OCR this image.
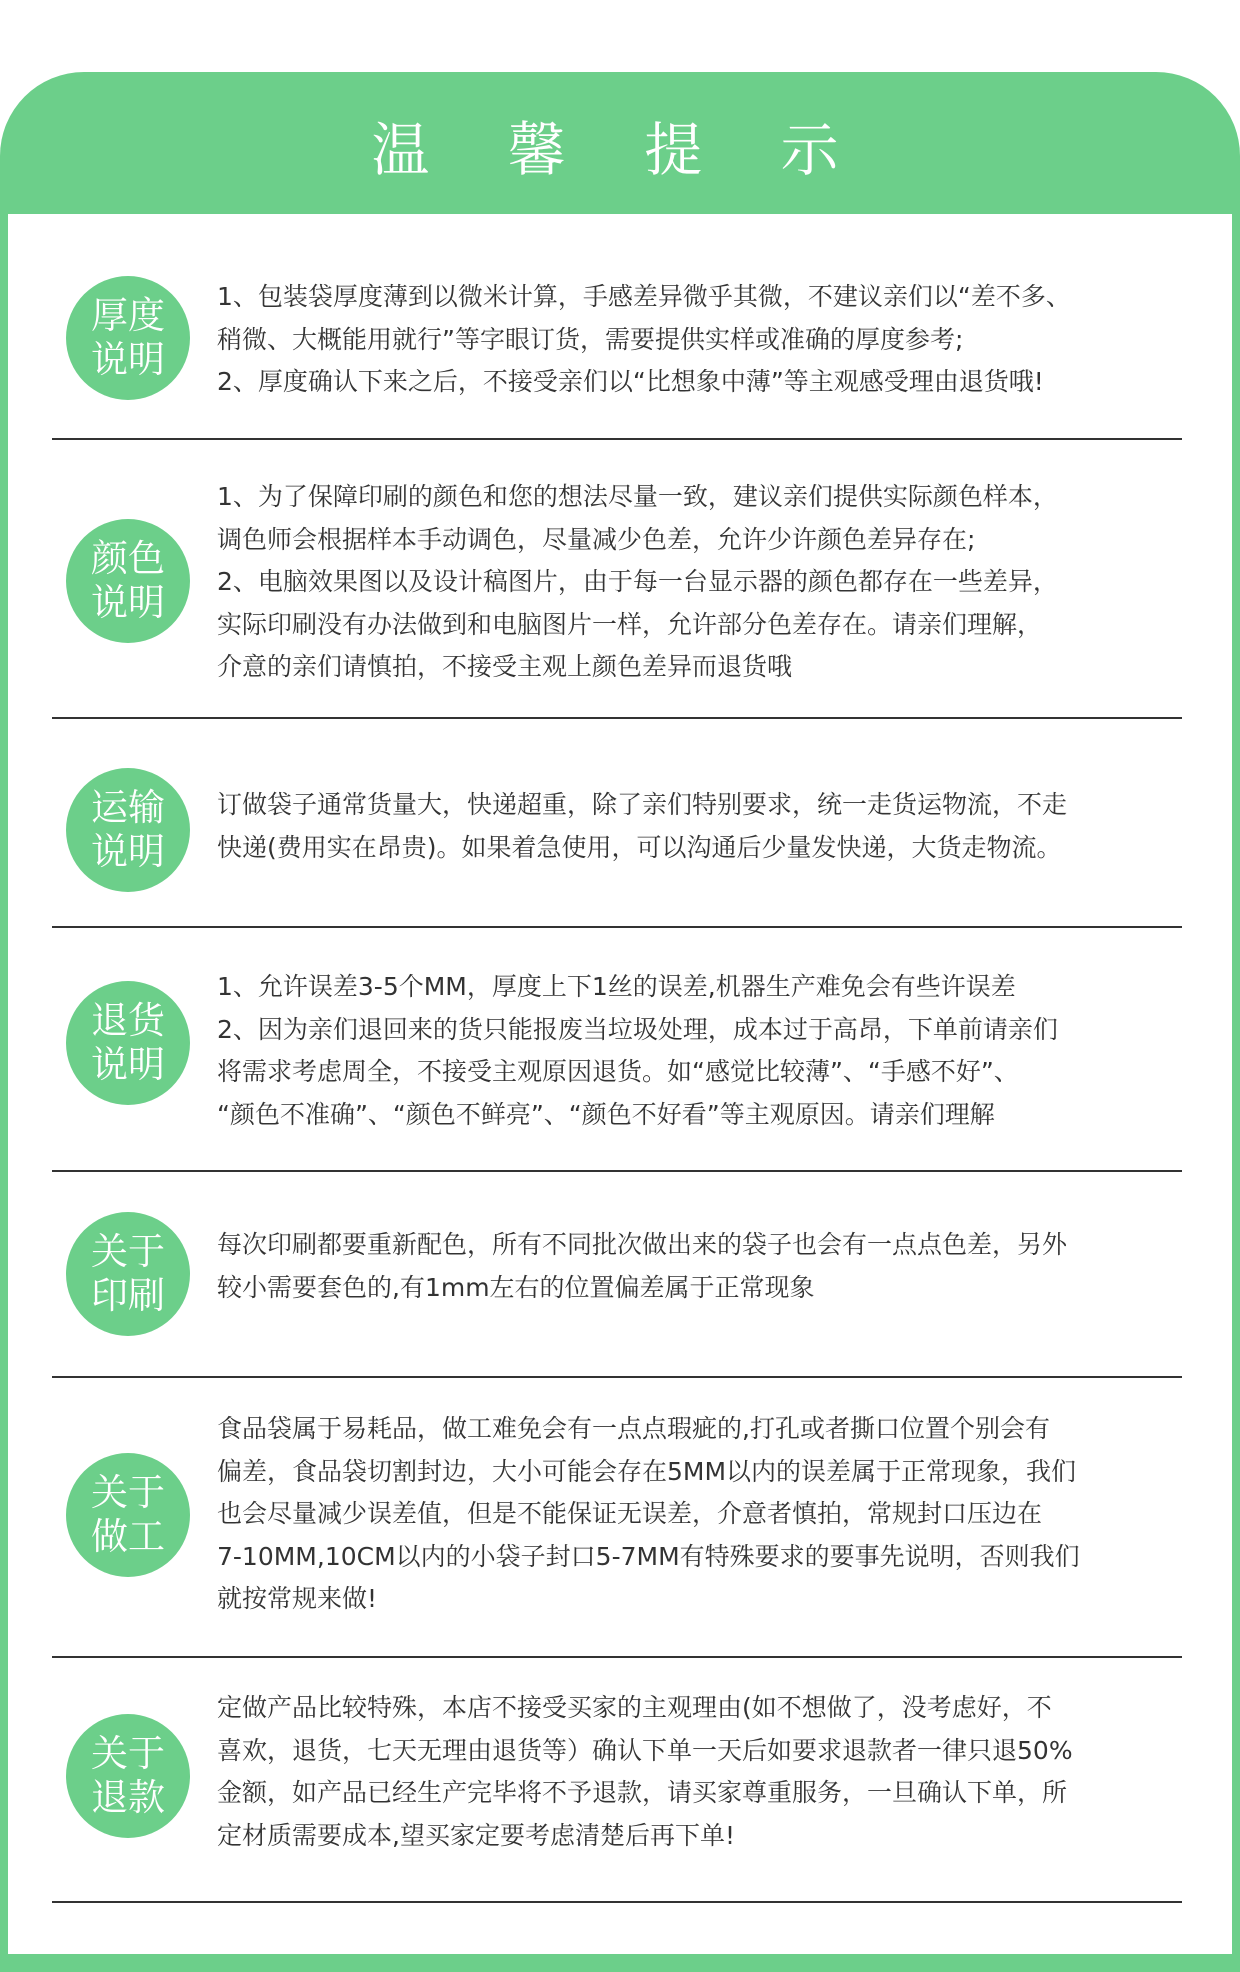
温 馨 提 示
厚度
说明

1、包装袋厚度薄到以微米计算，手感差异微乎其微，不建议亲们以“差不多、

稍微、大概能用就行”等字眼订货，需要提供实样或准确的厚度参考;

2、厚度确认下来之后，不接受亲们以“比想象中薄”等主观感受理由退货哦!

颜色
说明

1、为了保障印刷的颜色和您的想法尽量一致，建议亲们提供实际颜色样本，

调色师会根据样本手动调色，尽量减少色差，允许少许颜色差异存在;

2、电脑效果图以及设计稿图片，由于每一台显示器的颜色都存在一些差异，

实际印刷没有办法做到和电脑图片一样，允许部分色差存在。请亲们理解，

介意的亲们请慎拍，不接受主观上颜色差异而退货哦

运输
说明

订做袋子通常货量大，快递超重，除了亲们特别要求，统一走货运物流，不走

快递(费用实在昂贵)。如果着急使用，可以沟通后少量发快递，大货走物流。

退货
说明

1、允许误差3-5个MM，厚度上下1丝的误差,机器生产难免会有些许误差

2、因为亲们退回来的货只能报废当垃圾处理，成本过于高昂，下单前请亲们

将需求考虑周全，不接受主观原因退货。如“感觉比较薄”、“手感不好”、

“颜色不准确”、“颜色不鲜亮”、“颜色不好看”等主观原因。请亲们理解

关于
印刷

每次印刷都要重新配色，所有不同批次做出来的袋子也会有一点点色差，另外

较小需要套色的,有1mm左右的位置偏差属于正常现象

关于
做工

食品袋属于易耗品，做工难免会有一点点瑕疵的,打孔或者撕口位置个别会有

偏差，食品袋切割封边，大小可能会存在5MM以内的误差属于正常现象，我们

也会尽量减少误差值，但是不能保证无误差，介意者慎拍，常规封口压边在

7-10MM,10CM以内的小袋子封口5-7MM有特殊要求的要事先说明，否则我们

就按常规来做!

关于
退款

定做产品比较特殊，本店不接受买家的主观理由(如不想做了，没考虑好，不

喜欢，退货，七天无理由退货等）确认下单一天后如要求退款者一律只退50%

金额，如产品已经生产完毕将不予退款，请买家尊重服务，一旦确认下单，所

定材质需要成本,望买家定要考虑清楚后再下单!
